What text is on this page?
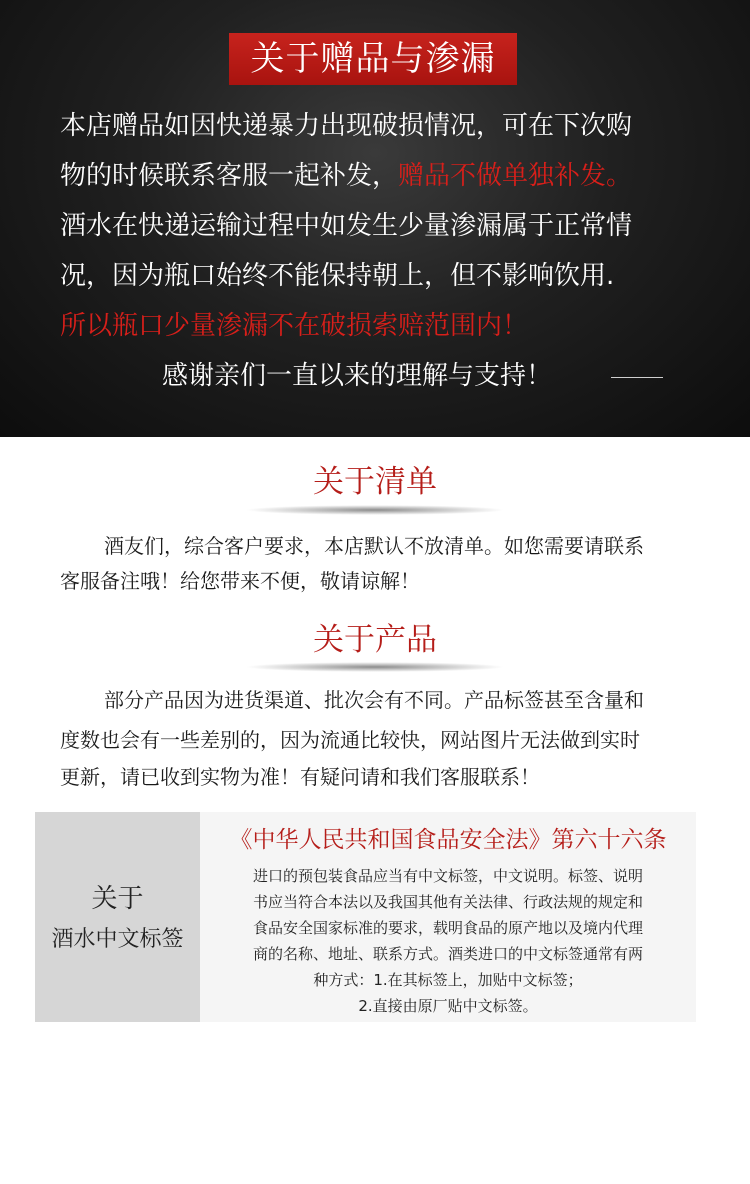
关于赠品与渗漏
本店赠品如因快递暴力出现破损情况，可在下次购
物的时候联系客服一起补发，赠品不做单独补发。
酒水在快递运输过程中如发生少量渗漏属于正常情
况，因为瓶口始终不能保持朝上，但不影响饮用.
所以瓶口少量渗漏不在破损索赔范围内！
感谢亲们一直以来的理解与支持！
关于清单
酒友们，综合客户要求，本店默认不放清单。如您需要请联系
客服备注哦！给您带来不便，敬请谅解！
关于产品
部分产品因为进货渠道、批次会有不同。产品标签甚至含量和
度数也会有一些差别的，因为流通比较快，网站图片无法做到实时
更新，请已收到实物为准！有疑问请和我们客服联系！
关于
酒水中文标签
《中华人民共和国食品安全法》第六十六条
进口的预包装食品应当有中文标签，中文说明。标签、说明
书应当符合本法以及我国其他有关法律、行政法规的规定和
食品安全国家标准的要求，载明食品的原产地以及境内代理
商的名称、地址、联系方式。酒类进口的中文标签通常有两
种方式：1.在其标签上，加贴中文标签；
2.直接由原厂贴中文标签。
